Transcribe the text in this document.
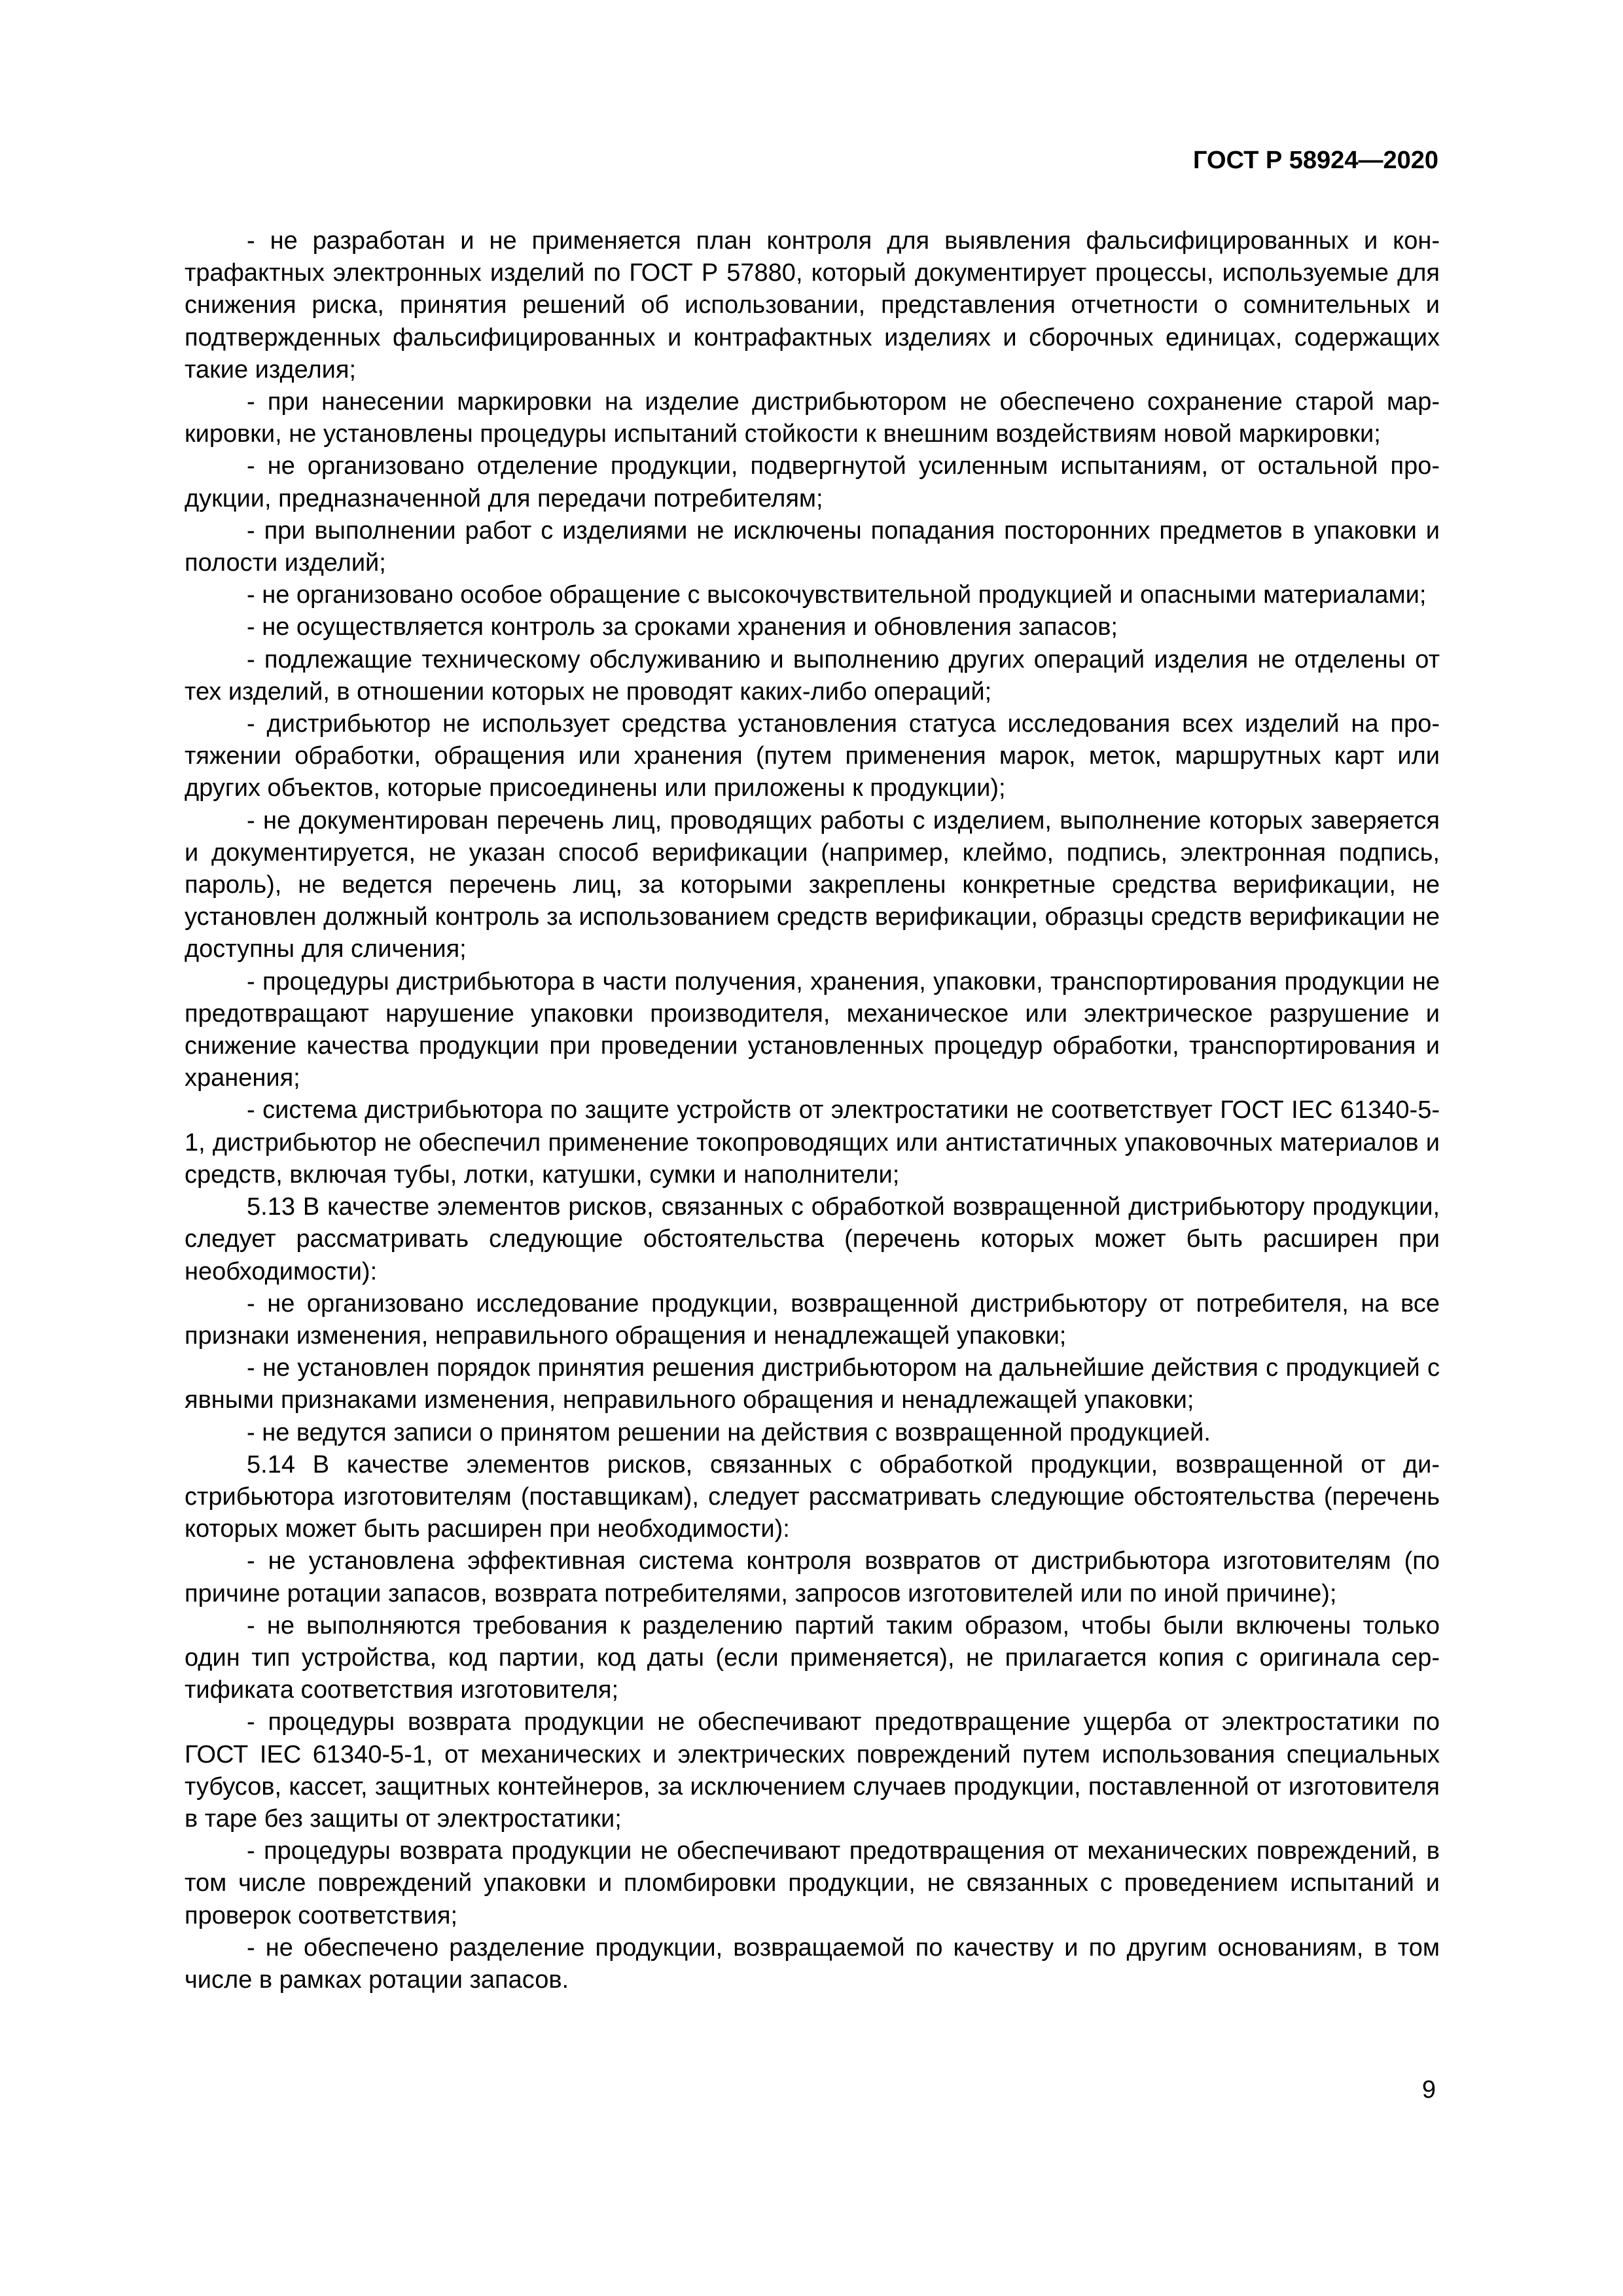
ГОСТ Р 58924—2020

- не разработан и не применяется план контроля для выявления фальсифицированных и контрафактных электронных изделий по ГОСТ Р 57880, который документирует процессы, используемые для снижения риска, принятия решений об использовании, представления отчетности о сомнительных и подтвержденных фальсифицированных и контрафактных изделиях и сборочных единицах, содержащих такие изделия;

- при нанесении маркировки на изделие дистрибьютором не обеспечено сохранение старой маркировки, не установлены процедуры испытаний стойкости к внешним воздействиям новой маркировки;

- не организовано отделение продукции, подвергнутой усиленным испытаниям, от остальной продукции, предназначенной для передачи потребителям;

- при выполнении работ с изделиями не исключены попадания посторонних предметов в упаковки и полости изделий;

- не организовано особое обращение с высокочувствительной продукцией и опасными материалами;

- не осуществляется контроль за сроками хранения и обновления запасов;

- подлежащие техническому обслуживанию и выполнению других операций изделия не отделены от тех изделий, в отношении которых не проводят каких-либо операций;

- дистрибьютор не использует средства установления статуса исследования всех изделий на протяжении обработки, обращения или хранения (путем применения марок, меток, маршрутных карт или других объектов, которые присоединены или приложены к продукции);

- не документирован перечень лиц, проводящих работы с изделием, выполнение которых заверяется и документируется, не указан способ верификации (например, клеймо, подпись, электронная подпись, пароль), не ведется перечень лиц, за которыми закреплены конкретные средства верификации, не установлен должный контроль за использованием средств верификации, образцы средств верификации не доступны для сличения;

- процедуры дистрибьютора в части получения, хранения, упаковки, транспортирования продукции не предотвращают нарушение упаковки производителя, механическое или электрическое разрушение и снижение качества продукции при проведении установленных процедур обработки, транспортирования и хранения;

- система дистрибьютора по защите устройств от электростатики не соответствует ГОСТ IEC 61340-5-1, дистрибьютор не обеспечил применение токопроводящих или антистатичных упаковочных материалов и средств, включая тубы, лотки, катушки, сумки и наполнители;

5.13 В качестве элементов рисков, связанных с обработкой возвращенной дистрибьютору продукции, следует рассматривать следующие обстоятельства (перечень которых может быть расширен при необходимости):

- не организовано исследование продукции, возвращенной дистрибьютору от потребителя, на все признаки изменения, неправильного обращения и ненадлежащей упаковки;

- не установлен порядок принятия решения дистрибьютором на дальнейшие действия с продукцией с явными признаками изменения, неправильного обращения и ненадлежащей упаковки;

- не ведутся записи о принятом решении на действия с возвращенной продукцией.

5.14 В качестве элементов рисков, связанных с обработкой продукции, возвращенной от дистрибьютора изготовителям (поставщикам), следует рассматривать следующие обстоятельства (перечень которых может быть расширен при необходимости):

- не установлена эффективная система контроля возвратов от дистрибьютора изготовителям (по причине ротации запасов, возврата потребителями, запросов изготовителей или по иной причине);

- не выполняются требования к разделению партий таким образом, чтобы были включены только один тип устройства, код партии, код даты (если применяется), не прилагается копия с оригинала сертификата соответствия изготовителя;

- процедуры возврата продукции не обеспечивают предотвращение ущерба от электростатики по ГОСТ IEC 61340-5-1, от механических и электрических повреждений путем использования специальных тубусов, кассет, защитных контейнеров, за исключением случаев продукции, поставленной от изготовителя в таре без защиты от электростатики;

- процедуры возврата продукции не обеспечивают предотвращения от механических повреждений, в том числе повреждений упаковки и пломбировки продукции, не связанных с проведением испытаний и проверок соответствия;

- не обеспечено разделение продукции, возвращаемой по качеству и по другим основаниям, в том числе в рамках ротации запасов.

9
